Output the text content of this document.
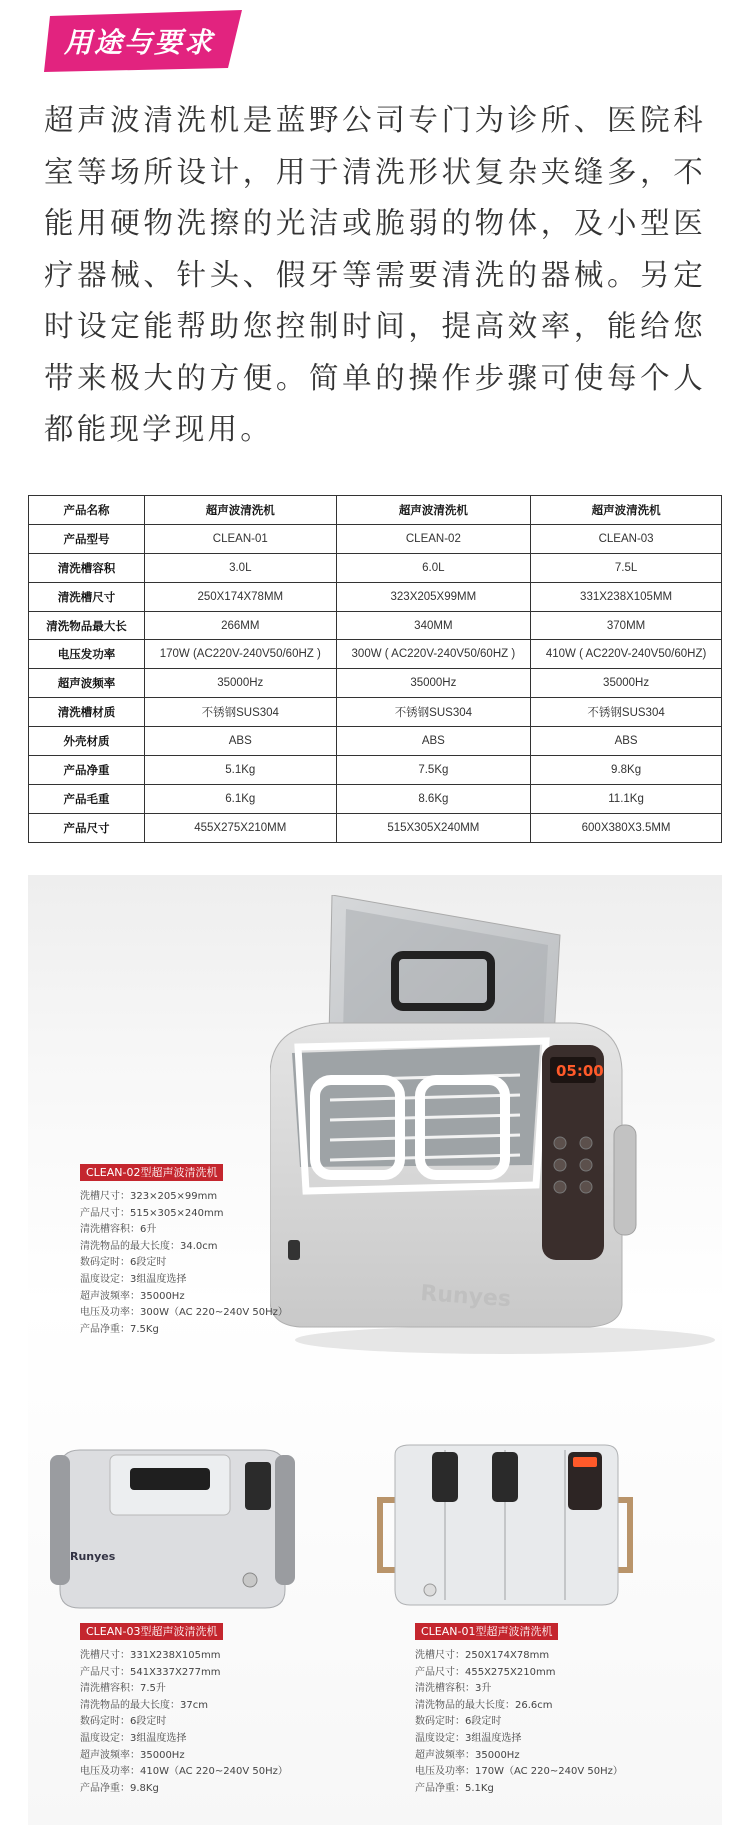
用途与要求
超声波清洗机是蓝野公司专门为诊所、医院科室等场所设计，用于清洗形状复杂夹缝多，不能用硬物洗擦的光洁或脆弱的物体，及小型医疗器械、针头、假牙等需要清洗的器械。另定时设定能帮助您控制时间，提高效率，能给您带来极大的方便。简单的操作步骤可使每个人都能现学现用。
产品名称	超声波清洗机	超声波清洗机	超声波清洗机
产品型号	CLEAN-01	CLEAN-02	CLEAN-03
清洗槽容积	3.0L	6.0L	7.5L
清洗槽尺寸	250X174X78MM	323X205X99MM	331X238X105MM
清洗物品最大长	266MM	340MM	370MM
电压发功率	170W (AC220V-240V50/60HZ )	300W ( AC220V-240V50/60HZ )	410W ( AC220V-240V50/60HZ)
超声波频率	35000Hz	35000Hz	35000Hz
清洗槽材质	不锈钢SUS304	不锈钢SUS304	不锈钢SUS304
外壳材质	ABS	ABS	ABS
产品净重	5.1Kg	7.5Kg	9.8Kg
产品毛重	6.1Kg	8.6Kg	11.1Kg
产品尺寸	455X275X210MM	515X305X240MM	600X380X3.5MM
05:00
Runyes
CLEAN-02型超声波清洗机
洗槽尺寸：323×205×99mm
产品尺寸：515×305×240mm
清洗槽容积：6升
清洗物品的最大长度：34.0cm
数码定时：6段定时
温度设定：3组温度选择
超声波频率：35000Hz
电压及功率：300W（AC 220~240V 50Hz）
产品净重：7.5Kg
Runyes
CLEAN-03型超声波清洗机
洗槽尺寸：331X238X105mm
产品尺寸：541X337X277mm
清洗槽容积：7.5升
清洗物品的最大长度：37cm
数码定时：6段定时
温度设定：3组温度选择
超声波频率：35000Hz
电压及功率：410W（AC 220~240V 50Hz）
产品净重：9.8Kg
CLEAN-01型超声波清洗机
洗槽尺寸：250X174X78mm
产品尺寸：455X275X210mm
清洗槽容积：3升
清洗物品的最大长度：26.6cm
数码定时：6段定时
温度设定：3组温度选择
超声波频率：35000Hz
电压及功率：170W（AC 220~240V 50Hz）
产品净重：5.1Kg
